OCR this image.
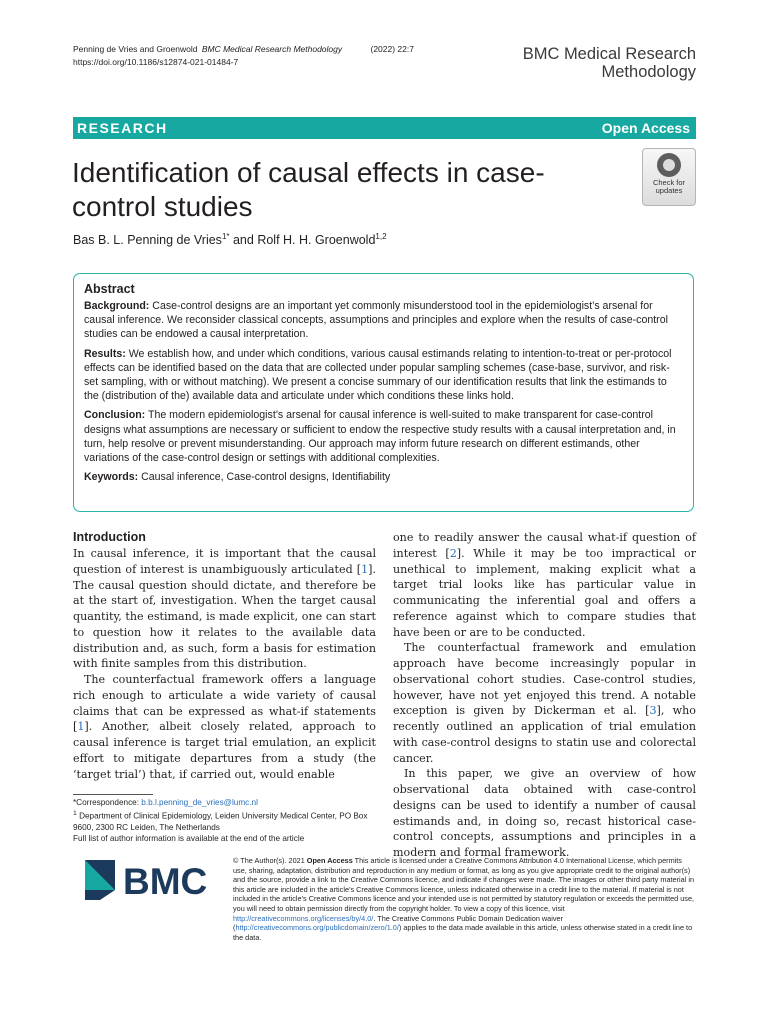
Penning de Vries and Groenwold BMC Medical Research Methodology	(2022) 22:7
https://doi.org/10.1186/s12874-021-01484-7	BMC Medical Research
Methodology
RESEARCH	Open Access
Identification of causal effects in case-control studies
Check for
updates
Bas B. L. Penning de Vries$^{1*}$ and Rolf H. H. Groenwold$^{1,2}$
Abstract

Background: Case-control designs are an important yet commonly misunderstood tool in the epidemiologist’s arsenal for causal inference. We reconsider classical concepts, assumptions and principles and explore when the results of case-control studies can be endowed a causal interpretation.

Results: We establish how, and under which conditions, various causal estimands relating to intention-to-treat or per-protocol effects can be identified based on the data that are collected under popular sampling schemes (case-base, survivor, and risk-set sampling, with or without matching). We present a concise summary of our identification results that link the estimands to the (distribution of the) available data and articulate under which conditions these links hold.

Conclusion: The modern epidemiologist’s arsenal for causal inference is well-suited to make transparent for case-control designs what assumptions are necessary or sufficient to endow the respective study results with a causal interpretation and, in turn, help resolve or prevent misunderstanding. Our approach may inform future research on different estimands, other variations of the case-control design or settings with additional complexities.

Keywords: Causal inference, Case-control designs, Identifiability

Introduction

In causal inference, it is important that the causal question of interest is unambiguously articulated [1]. The causal question should dictate, and therefore be at the start of, investigation. When the target causal quantity, the estimand, is made explicit, one can start to question how it relates to the available data distribution and, as such, form a basis for estimation with finite samples from this distribution.

The counterfactual framework offers a language rich enough to articulate a wide variety of causal claims that can be expressed as what-if statements [1]. Another, albeit closely related, approach to causal inference is target trial emulation, an explicit effort to mitigate departures from a study (the ‘target trial’) that, if carried out, would enable

one to readily answer the causal what-if question of interest [2]. While it may be too impractical or unethical to implement, making explicit what a target trial looks like has particular value in communicating the inferential goal and offers a reference against which to compare studies that have been or are to be conducted.

The counterfactual framework and emulation approach have become increasingly popular in observational cohort studies. Case-control studies, however, have not yet enjoyed this trend. A notable exception is given by Dickerman et al. [3], who recently outlined an application of trial emulation with case-control designs to statin use and colorectal cancer.

In this paper, we give an overview of how observational data obtained with case-control designs can be used to identify a number of causal estimands and, in doing so, recast historical case-control concepts, assumptions and principles in a modern and formal framework.

*Correspondence: b.b.l.penning_de_vries@lumc.nl
$^1$ Department of Clinical Epidemiology, Leiden University Medical Center, PO Box 9600, 2300 RC Leiden, The Netherlands
Full list of author information is available at the end of the article
BMC
© The Author(s). 2021 Open Access This article is licensed under a Creative Commons Attribution 4.0 International License, which permits use, sharing, adaptation, distribution and reproduction in any medium or format, as long as you give appropriate credit to the original author(s) and the source, provide a link to the Creative Commons licence, and indicate if changes were made. The images or other third party material in this article are included in the article’s Creative Commons licence, unless indicated otherwise in a credit line to the material. If material is not included in the article’s Creative Commons licence and your intended use is not permitted by statutory regulation or exceeds the permitted use, you will need to obtain permission directly from the copyright holder. To view a copy of this licence, visit http://creativecommons.org/licenses/by/4.0/. The Creative Commons Public Domain Dedication waiver (http://creativecommons.org/publicdomain/zero/1.0/) applies to the data made available in this article, unless otherwise stated in a credit line to the data.
